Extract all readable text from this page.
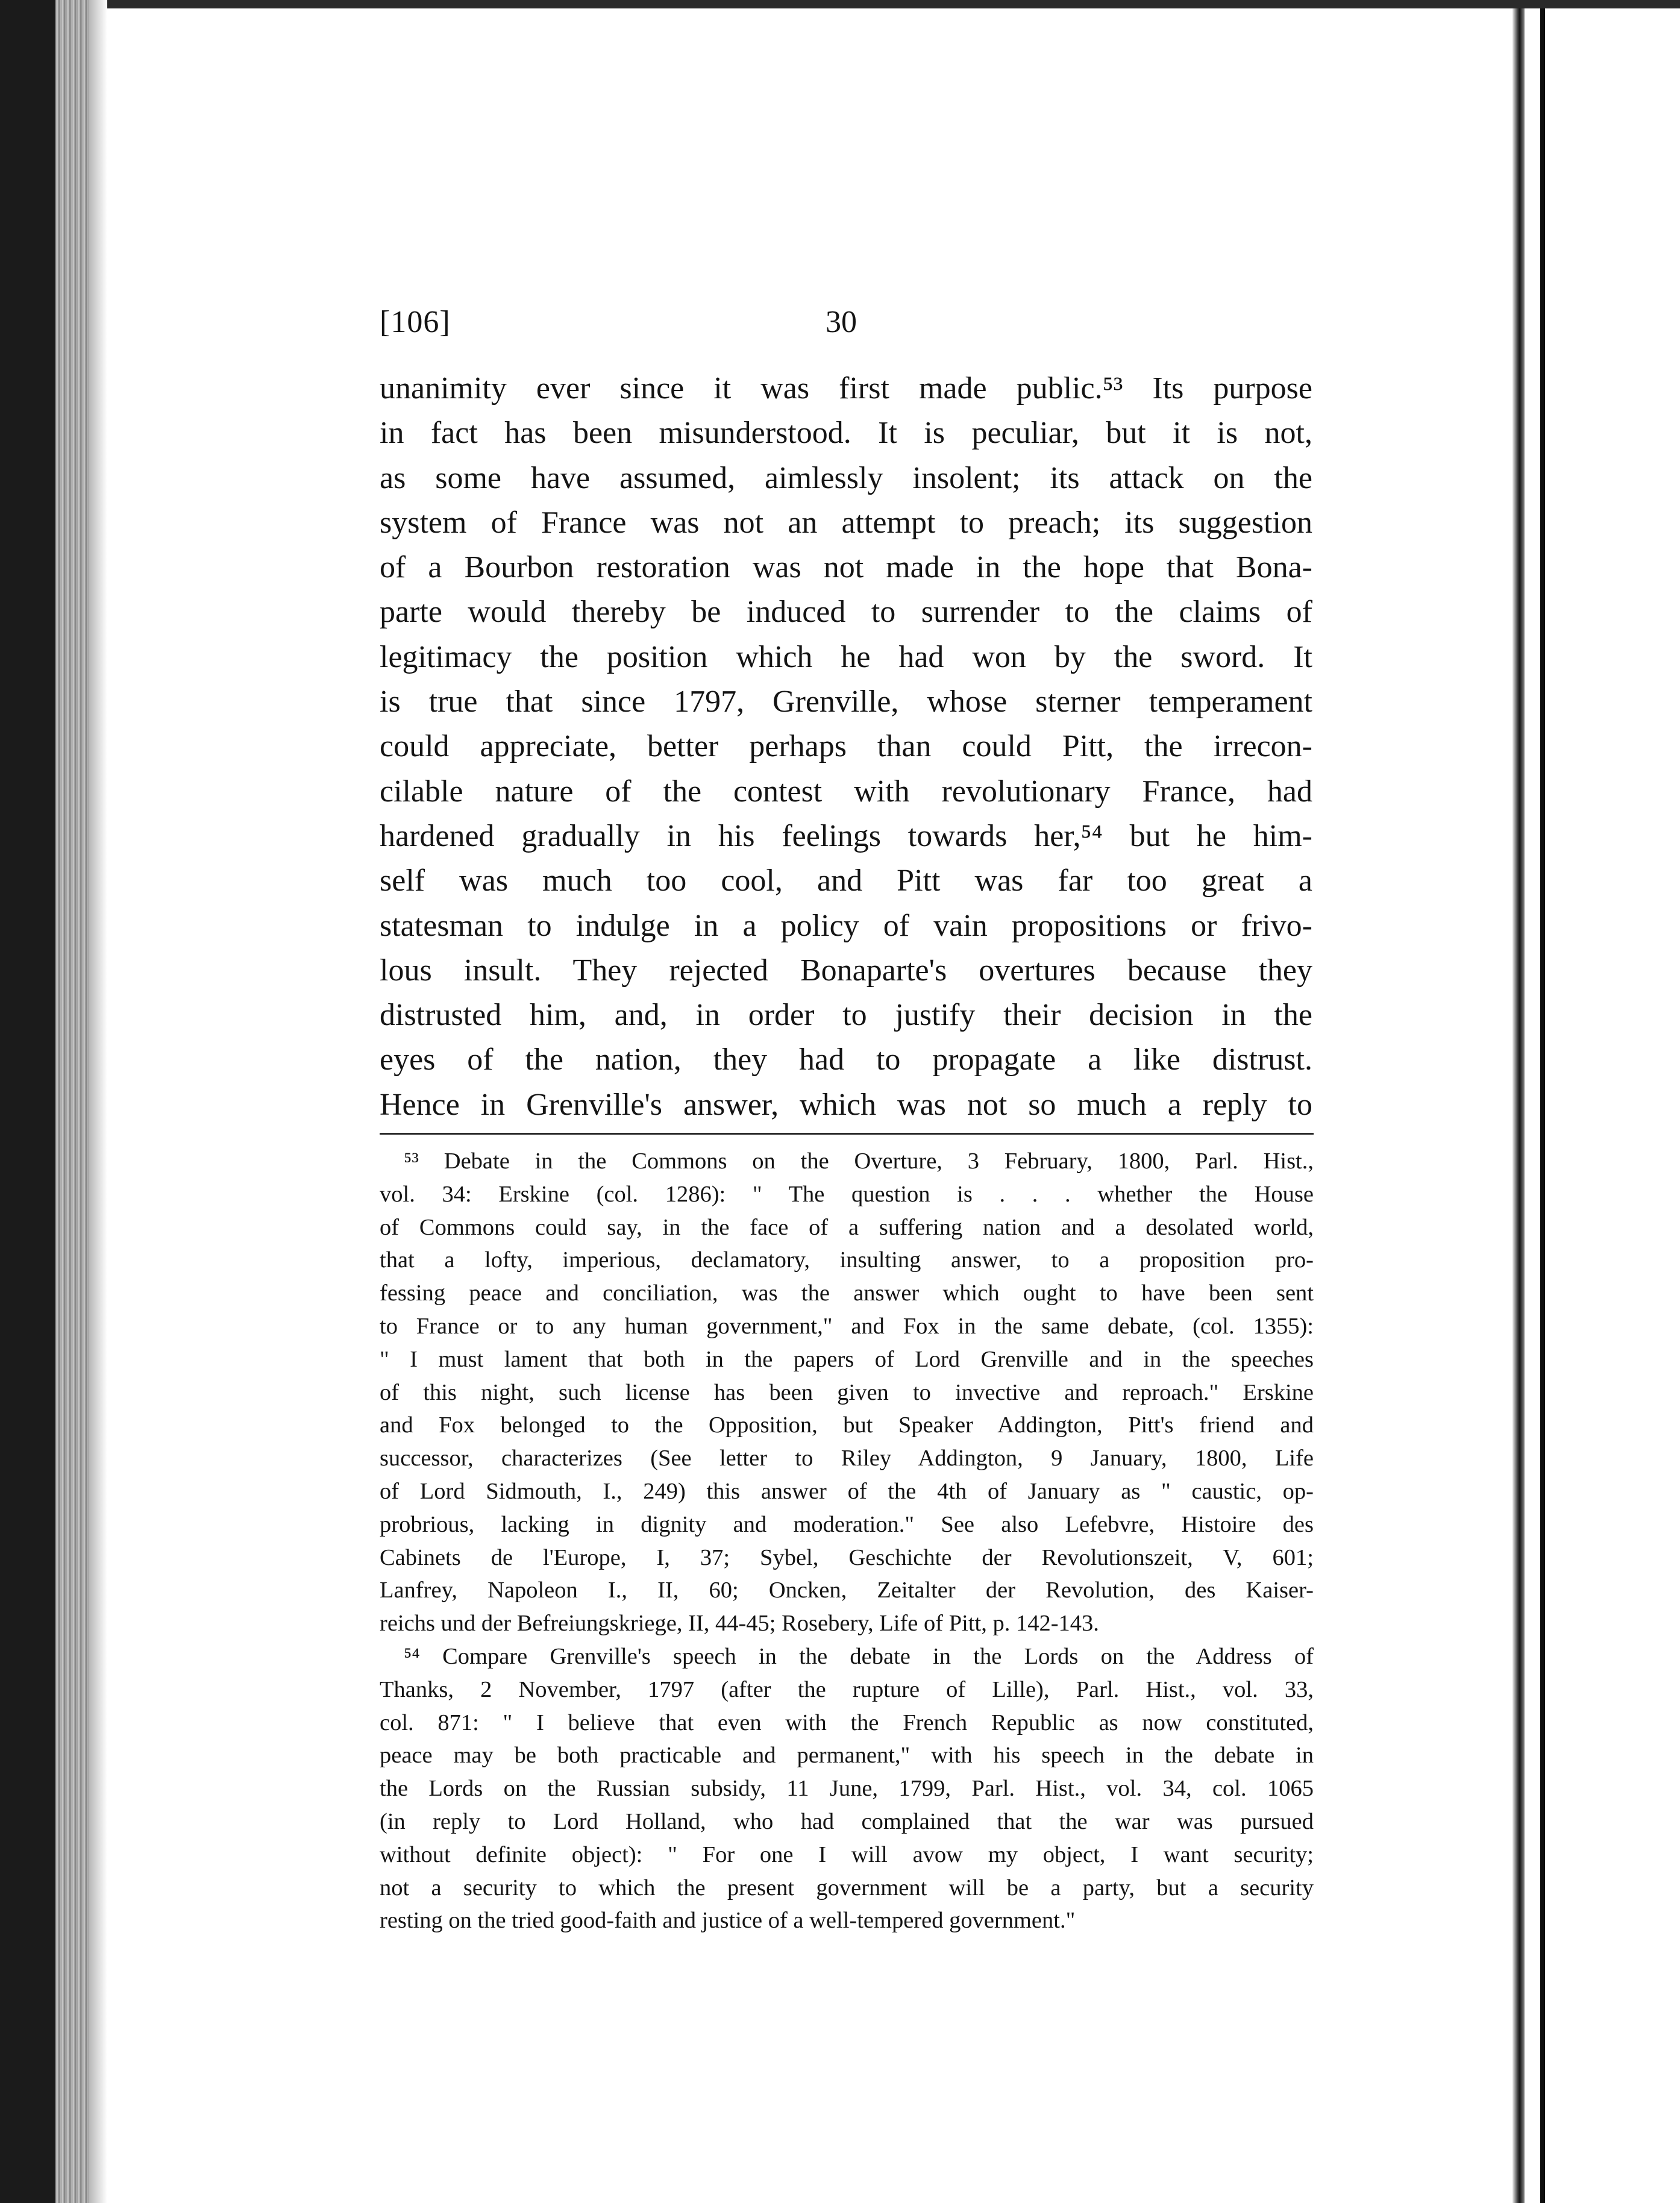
[106]	30
unanimity ever since it was first made public.⁵³ Its purpose
in fact has been misunderstood. It is peculiar, but it is not,
as some have assumed, aimlessly insolent; its attack on the
system of France was not an attempt to preach; its suggestion
of a Bourbon restoration was not made in the hope that Bona-
parte would thereby be induced to surrender to the claims of
legitimacy the position which he had won by the sword. It
is true that since 1797, Grenville, whose sterner temperament
could appreciate, better perhaps than could Pitt, the irrecon-
cilable nature of the contest with revolutionary France, had
hardened gradually in his feelings towards her,⁵⁴ but he him-
self was much too cool, and Pitt was far too great a
statesman to indulge in a policy of vain propositions or frivo-
lous insult. They rejected Bonaparte's overtures because they
distrusted him, and, in order to justify their decision in the
eyes of the nation, they had to propagate a like distrust.
Hence in Grenville's answer, which was not so much a reply to
⁵³ Debate in the Commons on the Overture, 3 February, 1800, Parl. Hist.,
vol. 34: Erskine (col. 1286): " The question is . . . whether the House
of Commons could say, in the face of a suffering nation and a desolated world,
that a lofty, imperious, declamatory, insulting answer, to a proposition pro-
fessing peace and conciliation, was the answer which ought to have been sent
to France or to any human government," and Fox in the same debate, (col. 1355):
" I must lament that both in the papers of Lord Grenville and in the speeches
of this night, such license has been given to invective and reproach." Erskine
and Fox belonged to the Opposition, but Speaker Addington, Pitt's friend and
successor, characterizes (See letter to Riley Addington, 9 January, 1800, Life
of Lord Sidmouth, I., 249) this answer of the 4th of January as " caustic, op-
probrious, lacking in dignity and moderation." See also Lefebvre, Histoire des
Cabinets de l'Europe, I, 37; Sybel, Geschichte der Revolutionszeit, V, 601;
Lanfrey, Napoleon I., II, 60; Oncken, Zeitalter der Revolution, des Kaiser-
reichs und der Befreiungskriege, II, 44-45; Rosebery, Life of Pitt, p. 142-143.
⁵⁴ Compare Grenville's speech in the debate in the Lords on the Address of
Thanks, 2 November, 1797 (after the rupture of Lille), Parl. Hist., vol. 33,
col. 871: " I believe that even with the French Republic as now constituted,
peace may be both practicable and permanent," with his speech in the debate in
the Lords on the Russian subsidy, 11 June, 1799, Parl. Hist., vol. 34, col. 1065
(in reply to Lord Holland, who had complained that the war was pursued
without definite object): " For one I will avow my object, I want security;
not a security to which the present government will be a party, but a security
resting on the tried good-faith and justice of a well-tempered government."
